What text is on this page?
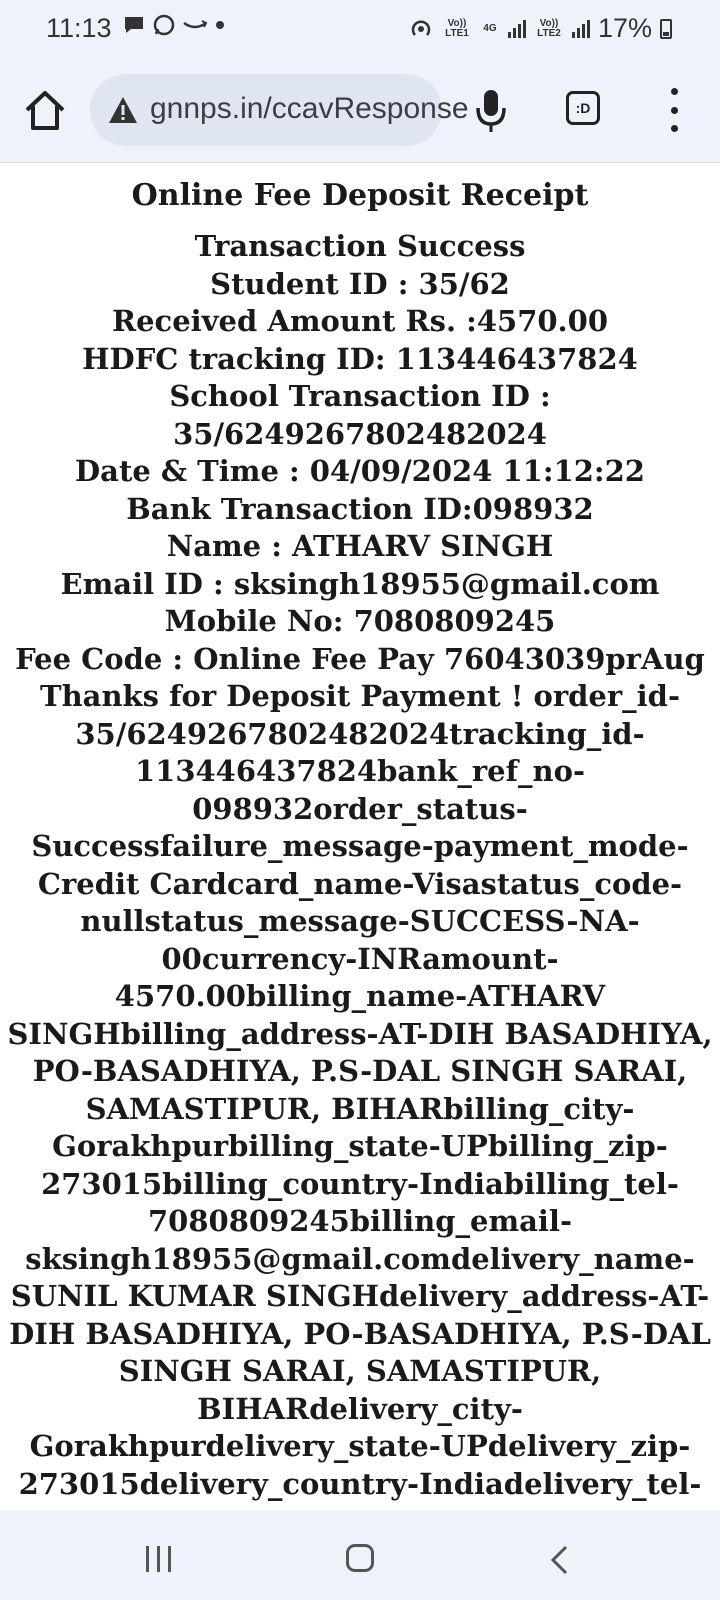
11:13	Vo)) LTE1	4G	Vo)) LTE2 17%
gnnps.in/ccavResponse	:D
Online Fee Deposit Receipt
Transaction Success
Student ID : 35/62
Received Amount Rs. :4570.00
HDFC tracking ID: 113446437824
School Transaction ID :
35/6249267802482024
Date & Time : 04/09/2024 11:12:22
Bank Transaction ID:098932
Name : ATHARV SINGH
Email ID : sksingh18955@gmail.com
Mobile No: 7080809245
Fee Code : Online Fee Pay 76043039prAug
Thanks for Deposit Payment ! order_id-
35/6249267802482024tracking_id-
113446437824bank_ref_no-
098932order_status-
Successfailure_message-payment_mode-
Credit Cardcard_name-Visastatus_code-
nullstatus_message-SUCCESS-NA-
00currency-INRamount-
4570.00billing_name-ATHARV
SINGHbilling_address-AT-DIH BASADHIYA,
PO-BASADHIYA, P.S-DAL SINGH SARAI,
SAMASTIPUR, BIHARbilling_city-
Gorakhpurbilling_state-UPbilling_zip-
273015billing_country-Indiabilling_tel-
7080809245billing_email-
sksingh18955@gmail.comdelivery_name-
SUNIL KUMAR SINGHdelivery_address-AT-
DIH BASADHIYA, PO-BASADHIYA, P.S-DAL
SINGH SARAI, SAMASTIPUR,
BIHARdelivery_city-
Gorakhpurdelivery_state-UPdelivery_zip-
273015delivery_country-Indiadelivery_tel-
